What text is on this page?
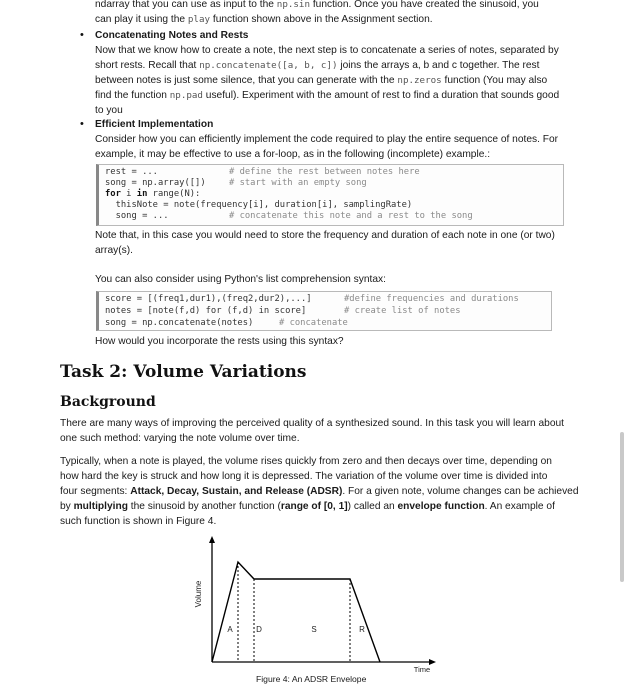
ndarray that you can use as input to the np.sin function. Once you have created the sinusoid, you
can play it using the play function shown above in the Assignment section.
• Concatenating Notes and Rests
Now that we know how to create a note, the next step is to concatenate a series of notes, separated by
short rests. Recall that np.concatenate([a, b, c]) joins the arrays a, b and c together. The rest
between notes is just some silence, that you can generate with the np.zeros function (You may also
find the function np.pad useful). Experiment with the amount of rest to find a duration that sounds good
to you
• Efficient Implementation
Consider how you can efficiently implement the code required to play the entire sequence of notes. For
example, it may be effective to use a for-loop, as in the following (incomplete) example.:
rest = ...	# define the rest between notes here
song = np.array([])	# start with an empty song
for i in range(N):
thisNote = note(frequency[i], duration[i], samplingRate)
song = ...	# concatenate this note and a rest to the song
Note that, in this case you would need to store the frequency and duration of each note in one (or two)
array(s).
You can also consider using Python's list comprehension syntax:
score = [(freq1,dur1),(freq2,dur2),...]	#define frequencies and durations
notes = [note(f,d) for (f,d) in score]	# create list of notes
song = np.concatenate(notes)	# concatenate
How would you incorporate the rests using this syntax?
Task 2: Volume Variations
Background
There are many ways of improving the perceived quality of a synthesized sound. In this task you will learn about
one such method: varying the note volume over time.
Typically, when a note is played, the volume rises quickly from zero and then decays over time, depending on
how hard the key is struck and how long it is depressed. The variation of the volume over time is divided into
four segments: Attack, Decay, Sustain, and Release (ADSR). For a given note, volume changes can be achieved
by multiplying the sinusoid by another function (range of [0, 1]) called an envelope function. An example of
such function is shown in Figure 4.
Volume
A	D	S	R
Time
Figure 4: An ADSR Envelope
